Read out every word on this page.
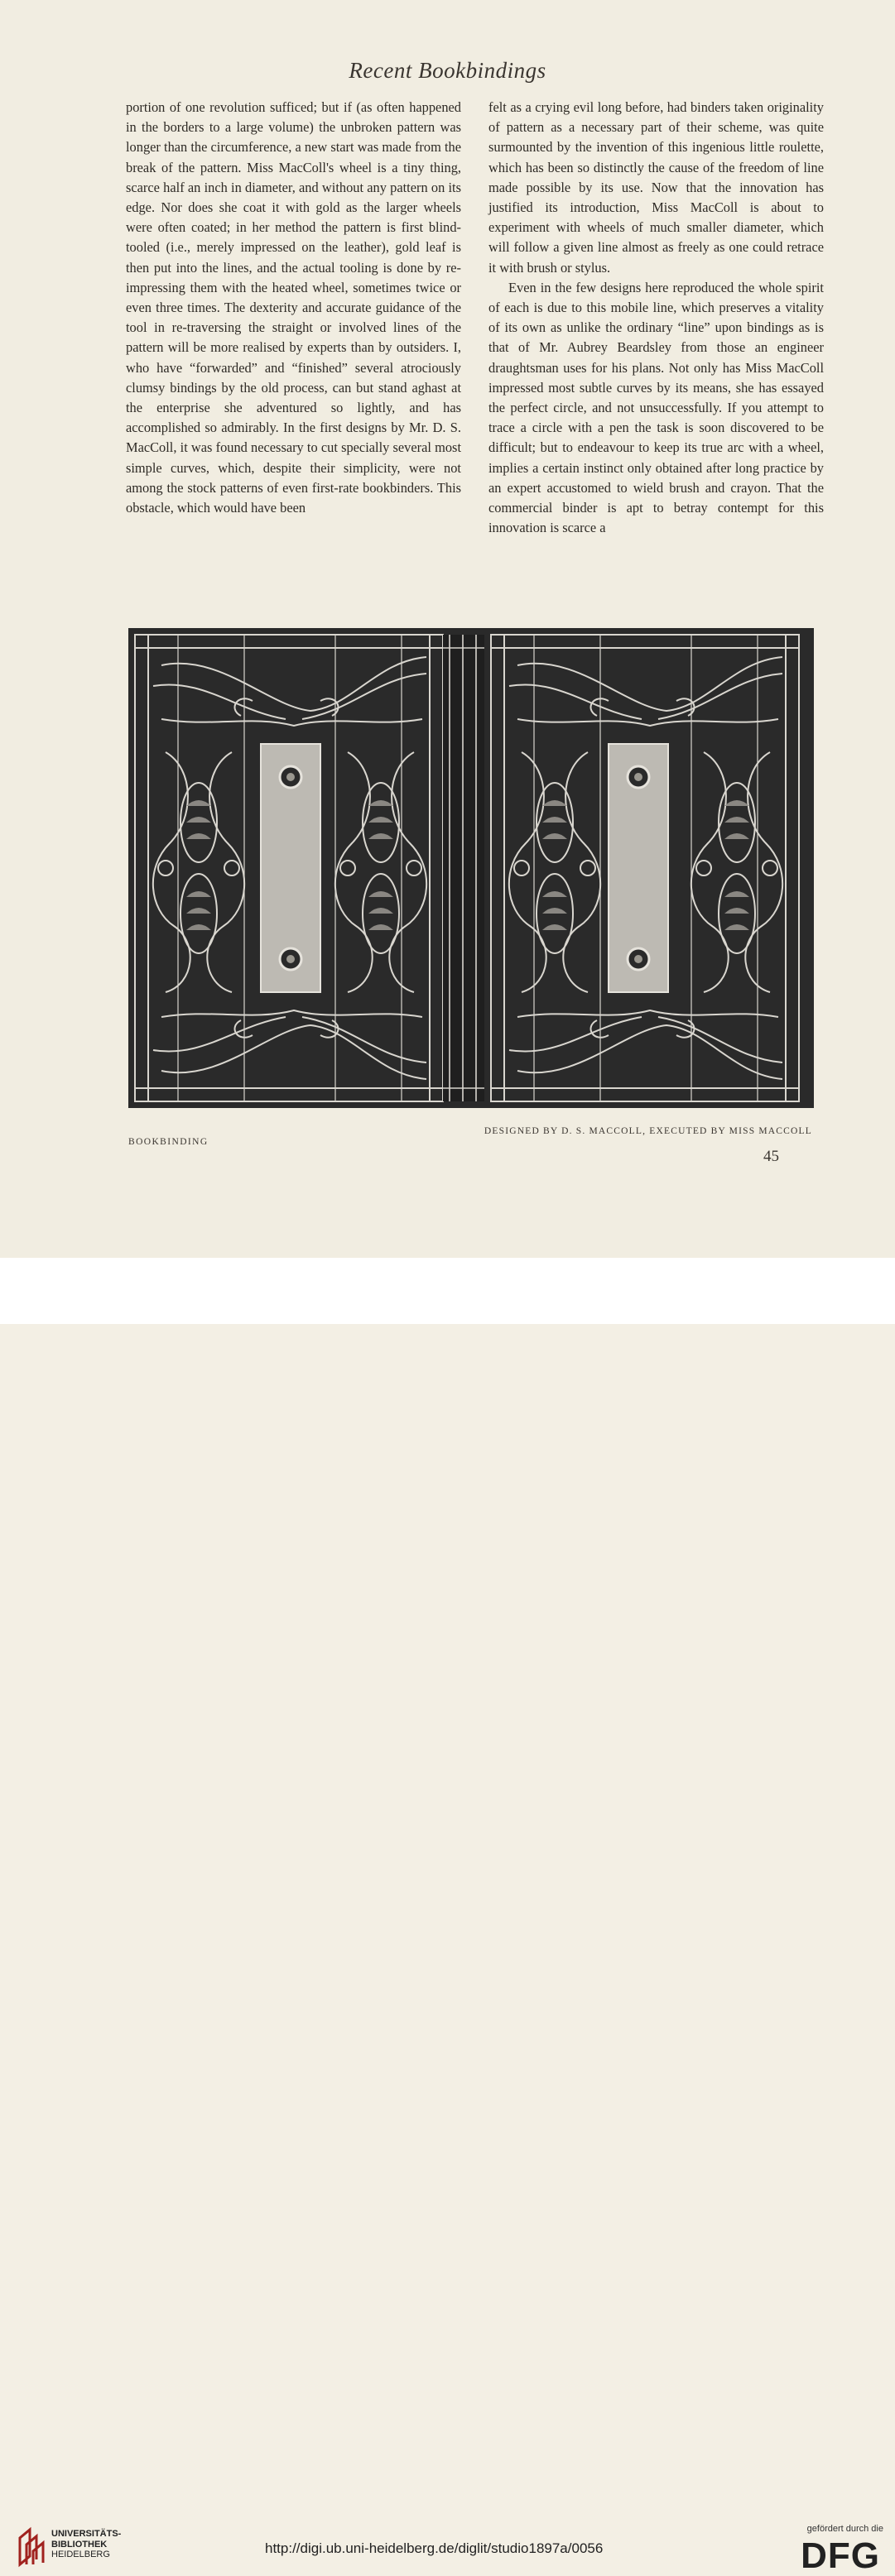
Recent Bookbindings

portion of one revolution sufficed; but if (as often happened in the borders to a large volume) the unbroken pattern was longer than the circumference, a new start was made from the break of the pattern. Miss MacColl's wheel is a tiny thing, scarce half an inch in diameter, and without any pattern on its edge. Nor does she coat it with gold as the larger wheels were often coated; in her method the pattern is first blind-tooled (i.e., merely impressed on the leather), gold leaf is then put into the lines, and the actual tooling is done by re-impressing them with the heated wheel, sometimes twice or even three times. The dexterity and accurate guidance of the tool in re-traversing the straight or involved lines of the pattern will be more realised by experts than by outsiders. I, who have “forwarded” and “finished” several atrociously clumsy bindings by the old process, can but stand aghast at the enterprise she adventured so lightly, and has accomplished so admirably. In the first designs by Mr. D. S. MacColl, it was found necessary to cut specially several most simple curves, which, despite their simplicity, were not among the stock patterns of even first-rate bookbinders. This obstacle, which would have been

felt as a crying evil long before, had binders taken originality of pattern as a necessary part of their scheme, was quite surmounted by the invention of this ingenious little roulette, which has been so distinctly the cause of the freedom of line made possible by its use. Now that the innovation has justified its introduction, Miss MacColl is about to experiment with wheels of much smaller diameter, which will follow a given line almost as freely as one could retrace it with brush or stylus.

Even in the few designs here reproduced the whole spirit of each is due to this mobile line, which preserves a vitality of its own as unlike the ordinary “line” upon bindings as is that of Mr. Aubrey Beardsley from those an engineer draughtsman uses for his plans. Not only has Miss MacColl impressed most subtle curves by its means, she has essayed the perfect circle, and not unsuccessfully. If you attempt to trace a circle with a pen the task is soon discovered to be difficult; but to endeavour to keep its true arc with a wheel, implies a certain instinct only obtained after long practice by an expert accustomed to wield brush and crayon. That the commercial binder is apt to betray contempt for this innovation is scarce a

BOOKBINDING
DESIGNED BY D. S. MACCOLL, EXECUTED BY MISS MACCOLL
45
UNIVERSITÄTS-
BIBLIOTHEK
HEIDELBERG	http://digi.ub.uni-heidelberg.de/diglit/studio1897a/0056
gefördert durch die
DFG
